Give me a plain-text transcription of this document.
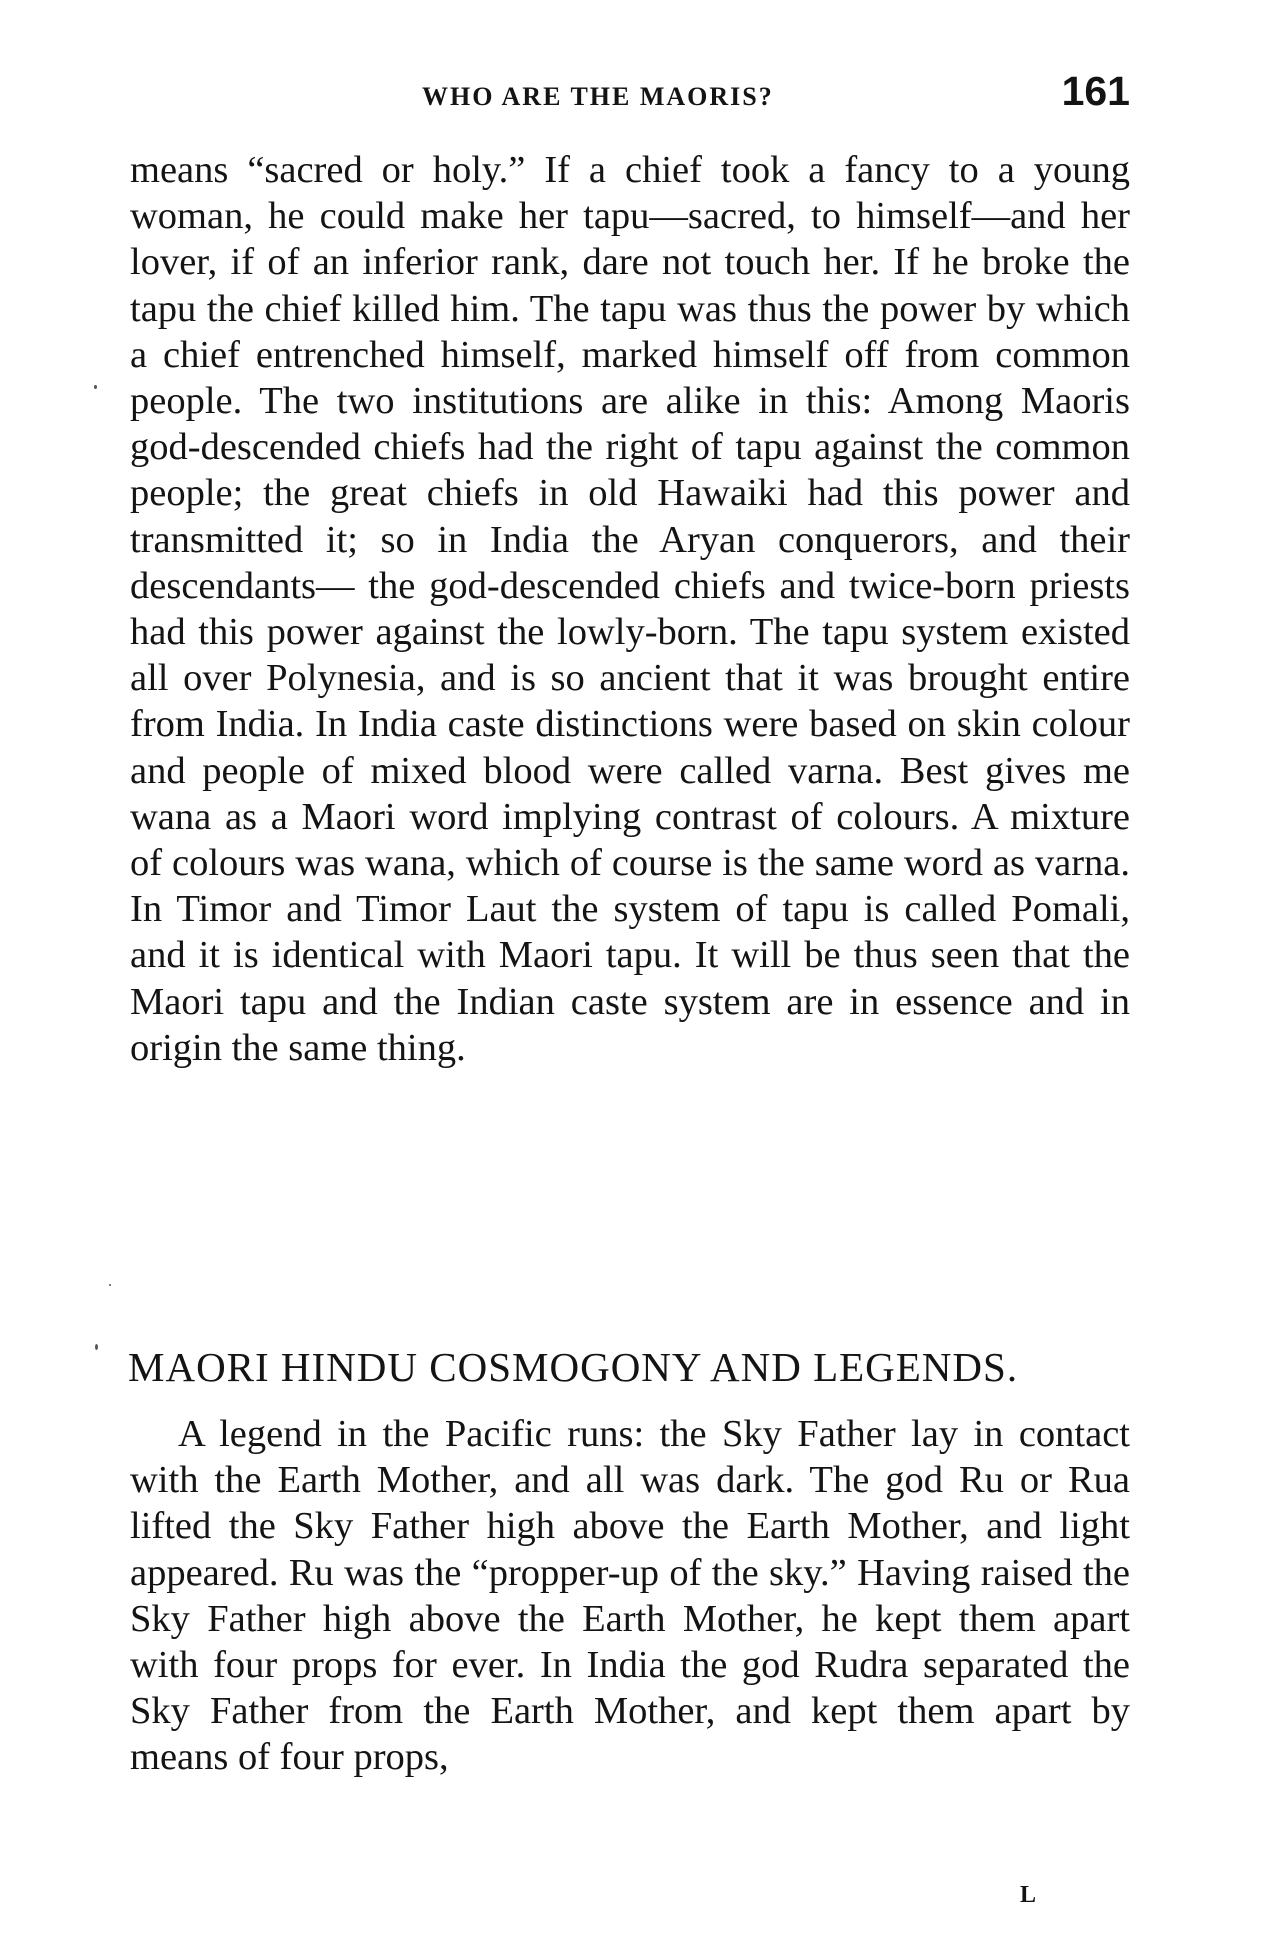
WHO ARE THE MAORIS?	161

means “sacred or holy.” If a chief took a fancy to a young woman, he could make her tapu—sacred, to himself—and her lover, if of an inferior rank, dare not touch her. If he broke the tapu the chief killed him. The tapu was thus the power by which a chief entrenched himself, marked himself off from common people. The two institutions are alike in this: Among Maoris god-descended chiefs had the right of tapu against the common people; the great chiefs in old Hawaiki had this power and transmitted it; so in India the Aryan conquerors, and their descendants— the god-descended chiefs and twice-born priests had this power against the lowly-born. The tapu system existed all over Polynesia, and is so ancient that it was brought entire from India. In India caste distinctions were based on skin colour and people of mixed blood were called varna. Best gives me wana as a Maori word implying contrast of colours. A mixture of colours was wana, which of course is the same word as varna. In Timor and Timor Laut the system of tapu is called Pomali, and it is identical with Maori tapu. It will be thus seen that the Maori tapu and the Indian caste system are in essence and in origin the same thing.

MAORI HINDU COSMOGONY AND LEGENDS.

A legend in the Pacific runs: the Sky Father lay in contact with the Earth Mother, and all was dark. The god Ru or Rua lifted the Sky Father high above the Earth Mother, and light appeared. Ru was the “propper-up of the sky.” Having raised the Sky Father high above the Earth Mother, he kept them apart with four props for ever. In India the god Rudra separated the Sky Father from the Earth Mother, and kept them apart by means of four props,

L
